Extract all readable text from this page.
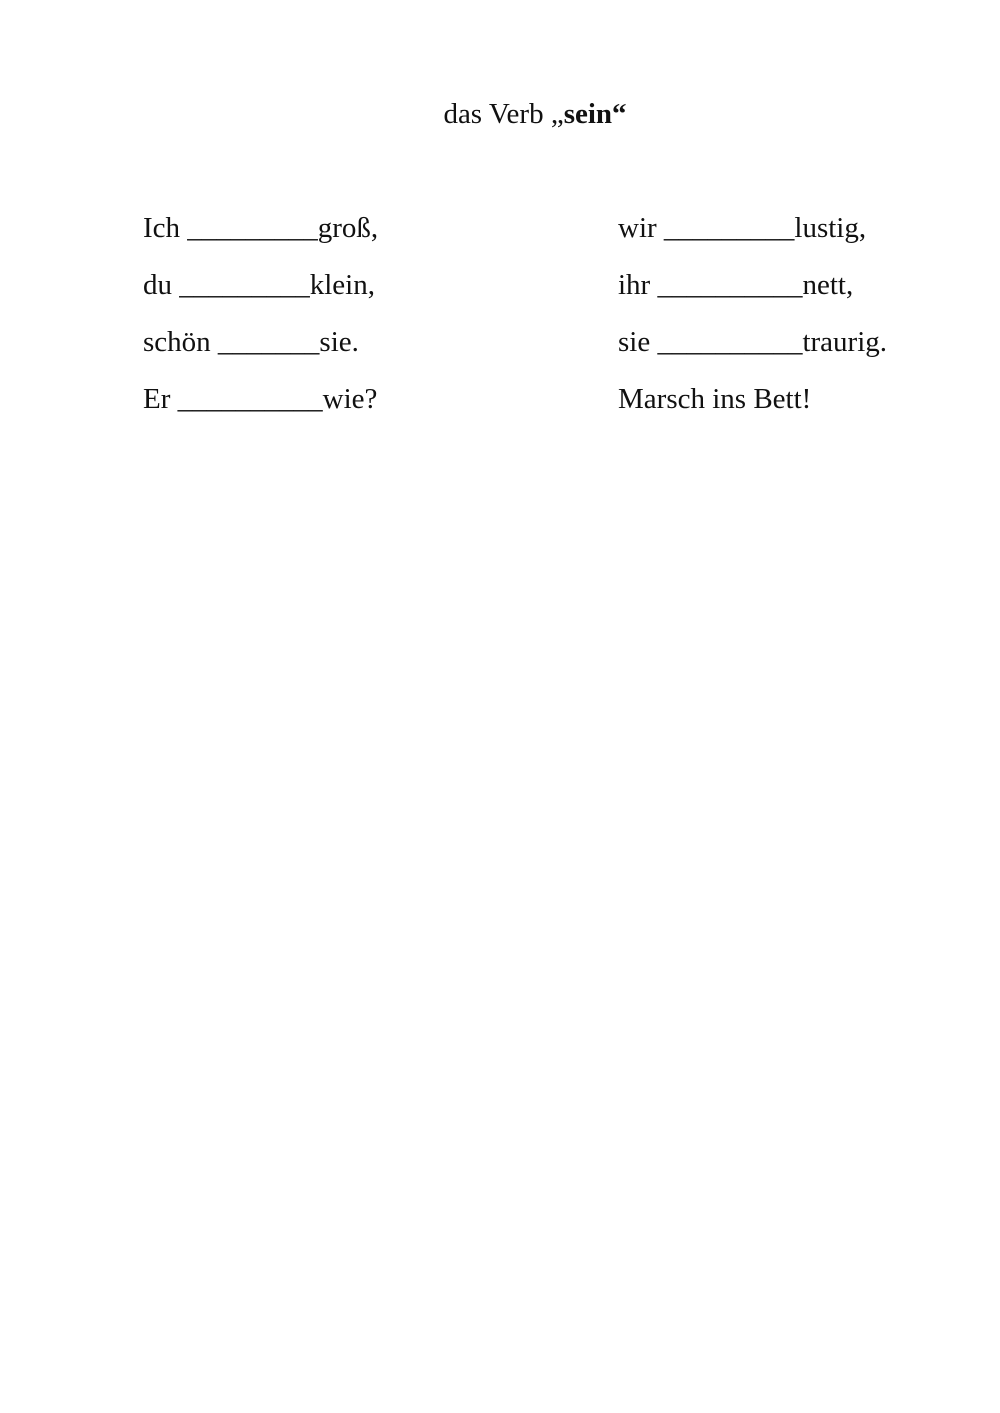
das Verb „sein“
Ich _________groß,
du _________klein,
schön _______sie.
Er __________wie?
wir _________lustig,
ihr __________nett,
sie __________traurig.
Marsch ins Bett!
